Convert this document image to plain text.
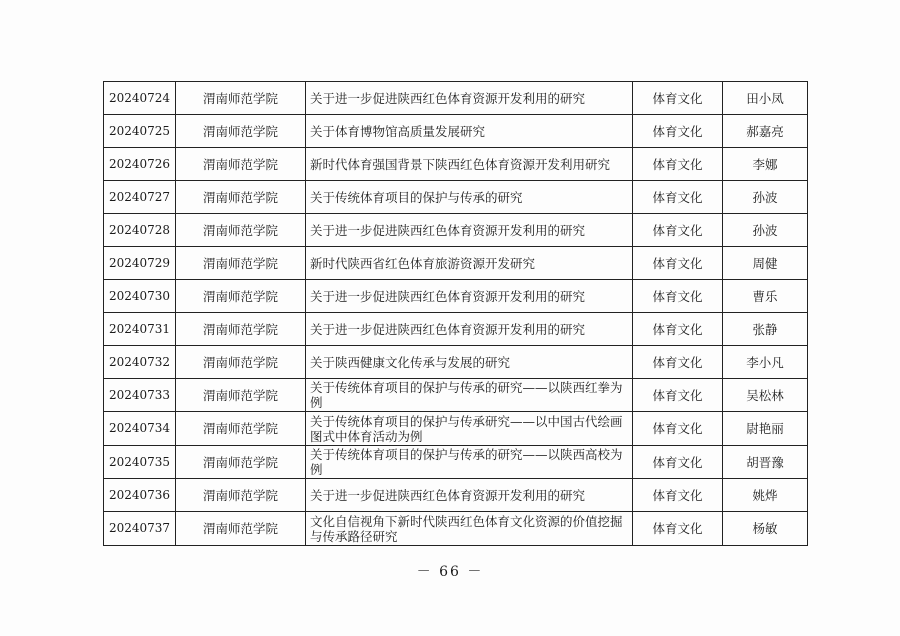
20240724	渭南师范学院	关于进一步促进陕西红色体育资源开发利用的研究	体育文化	田小凤
20240725	渭南师范学院	关于体育博物馆高质量发展研究	体育文化	郝嘉亮
20240726	渭南师范学院	新时代体育强国背景下陕西红色体育资源开发利用研究	体育文化	李娜
20240727	渭南师范学院	关于传统体育项目的保护与传承的研究	体育文化	孙波
20240728	渭南师范学院	关于进一步促进陕西红色体育资源开发利用的研究	体育文化	孙波
20240729	渭南师范学院	新时代陕西省红色体育旅游资源开发研究	体育文化	周健
20240730	渭南师范学院	关于进一步促进陕西红色体育资源开发利用的研究	体育文化	曹乐
20240731	渭南师范学院	关于进一步促进陕西红色体育资源开发利用的研究	体育文化	张静
20240732	渭南师范学院	关于陕西健康文化传承与发展的研究	体育文化	李小凡
20240733	渭南师范学院	关于传统体育项目的保护与传承的研究——以陕西红拳为例	体育文化	吴松林
20240734	渭南师范学院	关于传统体育项目的保护与传承研究——以中国古代绘画图式中体育活动为例	体育文化	尉艳丽
20240735	渭南师范学院	关于传统体育项目的保护与传承的研究——以陕西高校为例	体育文化	胡晋豫
20240736	渭南师范学院	关于进一步促进陕西红色体育资源开发利用的研究	体育文化	姚烨
20240737	渭南师范学院	文化自信视角下新时代陕西红色体育文化资源的价值挖掘与传承路径研究	体育文化	杨敏
－ 66 －
